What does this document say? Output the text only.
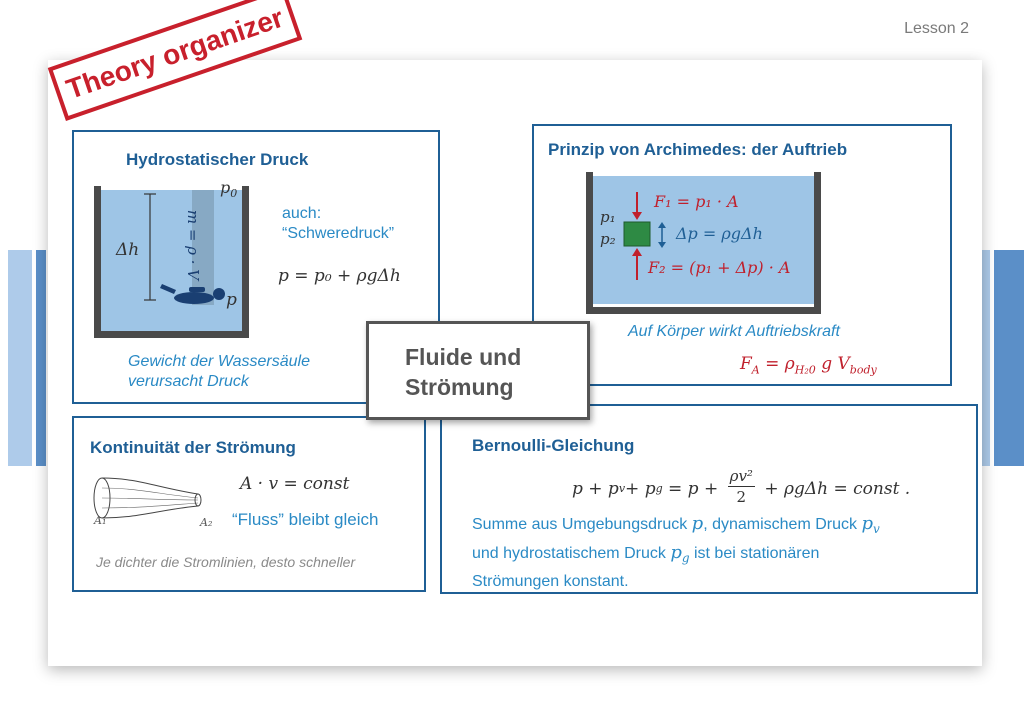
Lesson 2
Hydrostatischer Druck
$p_0$
Δh	m = ρ · V
p
auch:
“Schweredruck”
p = p₀ + ρgΔh
Gewicht der Wassersäule
verursacht Druck
Prinzip von Archimedes: der Auftrieb
p₁
p₂
F₁ = p₁ · A
Δp = ρgΔh
F₂ = (p₁ + Δp) · A
Auf Körper wirkt Auftriebskraft
$F_A = \rho_{H_20}$ g $V_{body}$
Kontinuität der Strömung
A · v = const
A₁	A₂ “Fluss” bleibt gleich
Je dichter die Stromlinien, desto schneller
Bernoulli-Gleichung
p + p v + p $g = p + \frac{\text{ρv²}}{2} + \rho g\Delta h$ = const .
Summe aus Umgebungsdruck p, dynamischem Druck $p_v$
und hydrostatischem Druck $p_g$ ist bei stationären
Strömungen konstant.
Fluide und
Strömung
Theory organizer
